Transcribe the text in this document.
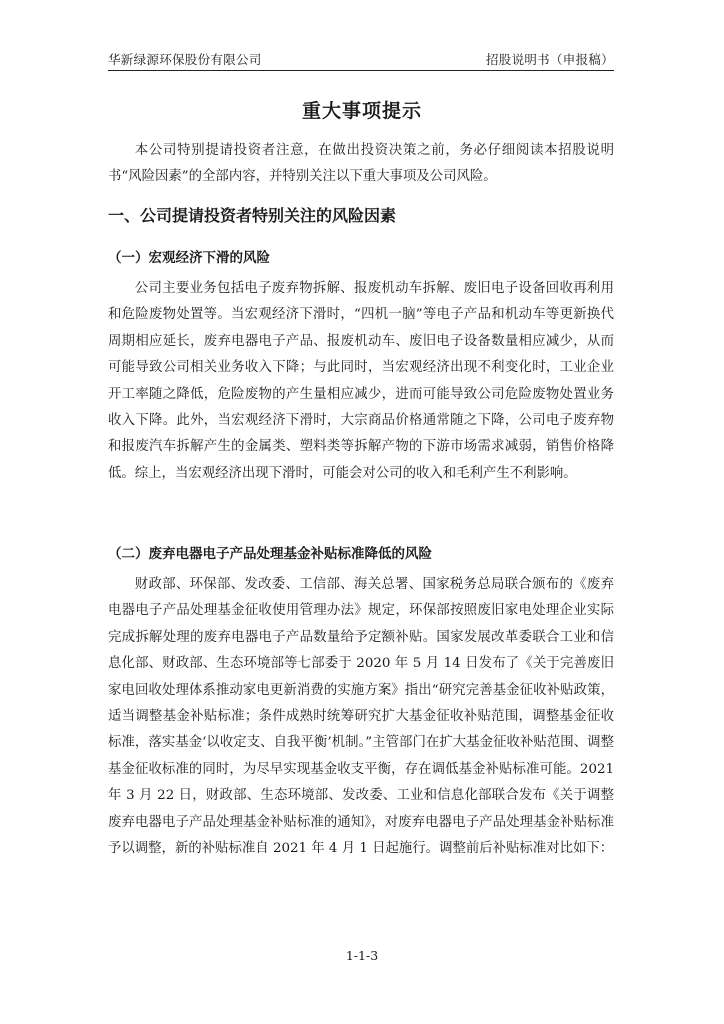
华新绿源环保股份有限公司	招股说明书（申报稿）
重大事项提示

本公司特别提请投资者注意，在做出投资决策之前，务必仔细阅读本招股说明书“风险因素”的全部内容，并特别关注以下重大事项及公司风险。

一、公司提请投资者特别关注的风险因素
（一）宏观经济下滑的风险

公司主要业务包括电子废弃物拆解、报废机动车拆解、废旧电子设备回收再利用和危险废物处置等。当宏观经济下滑时，“四机一脑”等电子产品和机动车等更新换代周期相应延长，废弃电器电子产品、报废机动车、废旧电子设备数量相应减少，从而可能导致公司相关业务收入下降；与此同时，当宏观经济出现不利变化时，工业企业开工率随之降低，危险废物的产生量相应减少，进而可能导致公司危险废物处置业务收入下降。此外，当宏观经济下滑时，大宗商品价格通常随之下降，公司电子废弃物和报废汽车拆解产生的金属类、塑料类等拆解产物的下游市场需求减弱，销售价格降低。综上，当宏观经济出现下滑时，可能会对公司的收入和毛利产生不利影响。

（二）废弃电器电子产品处理基金补贴标准降低的风险

财政部、环保部、发改委、工信部、海关总署、国家税务总局联合颁布的《废弃电器电子产品处理基金征收使用管理办法》规定，环保部按照废旧家电处理企业实际完成拆解处理的废弃电器电子产品数量给予定额补贴。国家发展改革委联合工业和信息化部、财政部、生态环境部等七部委于 2020 年 5 月 14 日发布了《关于完善废旧家电回收处理体系推动家电更新消费的实施方案》指出“研究完善基金征收补贴政策，适当调整基金补贴标准；条件成熟时统筹研究扩大基金征收补贴范围，调整基金征收标准，落实基金‘以收定支、自我平衡’机制。”主管部门在扩大基金征收补贴范围、调整基金征收标准的同时，为尽早实现基金收支平衡，存在调低基金补贴标准可能。2021 年 3 月 22 日，财政部、生态环境部、发改委、工业和信息化部联合发布《关于调整废弃电器电子产品处理基金补贴标准的通知》，对废弃电器电子产品处理基金补贴标准予以调整，新的补贴标准自 2021 年 4 月 1 日起施行。调整前后补贴标准对比如下：

1-1-3
